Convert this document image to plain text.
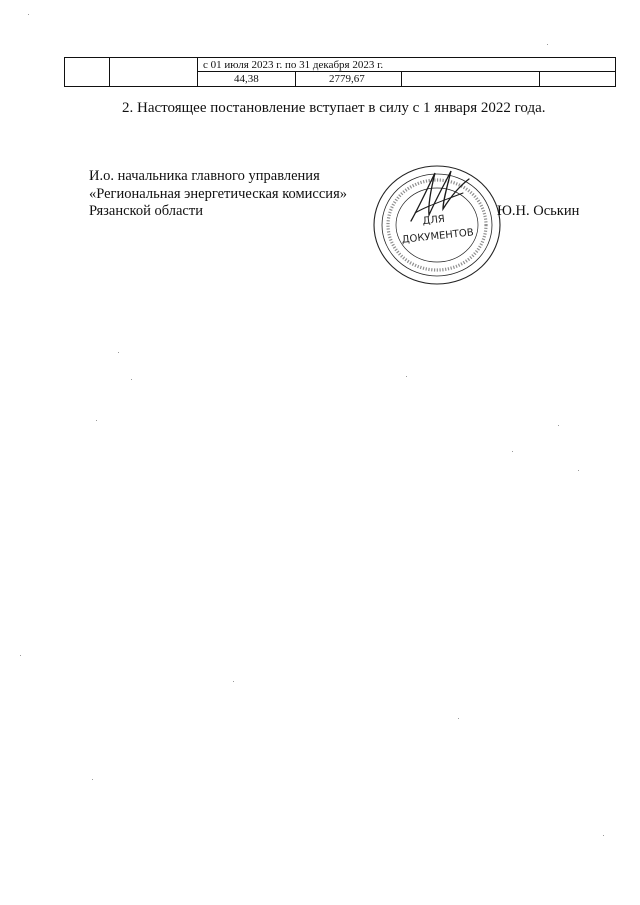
с 01 июля 2023 г. по 31 декабря 2023 г.
44,38	2779,67
2. Настоящее постановление вступает в силу с 1 января 2022 года.
И.о. начальника главного управления
«Региональная энергетическая комиссия»
Рязанской области
ДЛЯ
ДОКУМЕНТОВ
Ю.Н. Оськин
